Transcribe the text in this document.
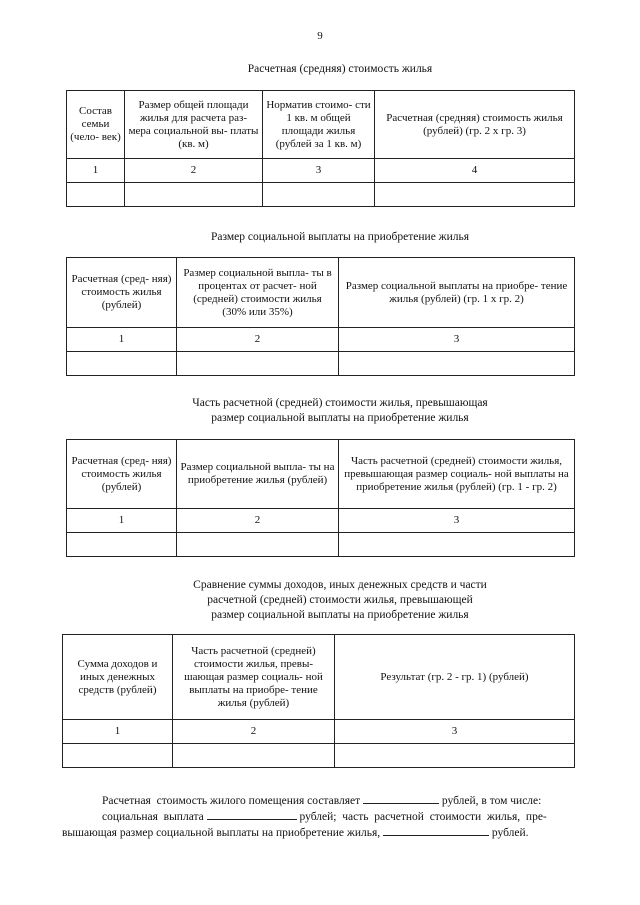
9
Расчетная (средняя) стоимость жилья
Состав семьи (чело- век)	Размер общей площади жилья для расчета раз- мера социальной вы- платы (кв. м)	Норматив стоимо- сти 1 кв. м общей площади жилья (рублей за 1 кв. м)	Расчетная (средняя) стоимость жилья (рублей) (гр. 2 х гр. 3)
1	2	3	4

Размер социальной выплаты на приобретение жилья
Расчетная (сред- няя) стоимость жилья (рублей)	Размер социальной выпла- ты в процентах от расчет- ной (средней) стоимости жилья (30% или 35%)	Размер социальной выплаты на приобре- тение жилья (рублей) (гр. 1 х гр. 2)
1	2	3

Часть расчетной (средней) стоимости жилья, превышающая
размер социальной выплаты на приобретение жилья
Расчетная (сред- няя) стоимость жилья (рублей)	Размер социальной выпла- ты на приобретение жилья (рублей)	Часть расчетной (средней) стоимости жилья, превышающая размер социаль- ной выплаты на приобретение жилья (рублей) (гр. 1 - гр. 2)
1	2	3

Сравнение суммы доходов, иных денежных средств и части
расчетной (средней) стоимости жилья, превышающей
размер социальной выплаты на приобретение жилья
Сумма доходов и иных денежных средств (рублей)	Часть расчетной (средней) стоимости жилья, превы- шающая размер социаль- ной выплаты на приобре- тение жилья (рублей)	Результат (гр. 2 - гр. 1) (рублей)
1	2	3

Расчетная  стоимость жилого помещения составляет	рублей, в том числе:
социальная  выплата	рублей;  часть  расчетной  стоимости  жилья,  пре-
вышающая размер социальной выплаты на приобретение жилья,	рублей.
